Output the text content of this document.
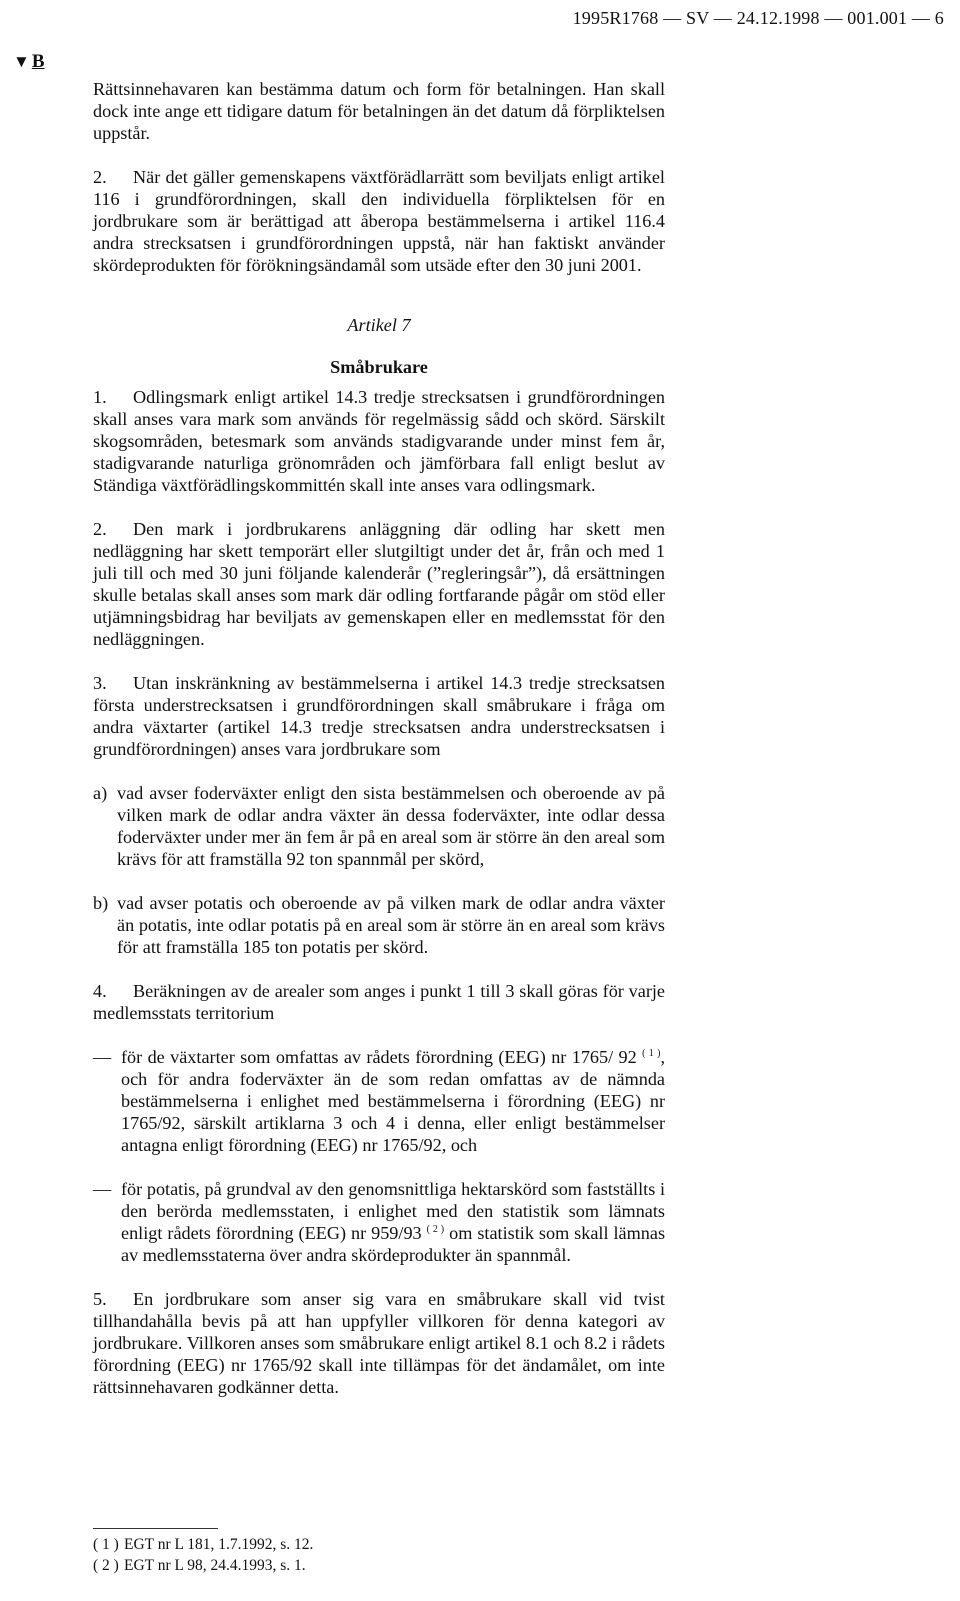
1995R1768 — SV — 24.12.1998 — 001.001 — 6
▼ B

Rättsinnehavaren kan bestämma datum och form för betalningen. Han skall dock inte ange ett tidigare datum för betalningen än det datum då förpliktelsen uppstår.

2. När det gäller gemenskapens växtförädlarrätt som beviljats enligt artikel 116 i grundförordningen, skall den individuella förpliktelsen för en jordbrukare som är berättigad att åberopa bestämmelserna i artikel 116.4 andra strecksatsen i grundförordningen uppstå, när han faktiskt använder skördeprodukten för förökningsändamål som utsäde efter den 30 juni 2001.

Artikel 7
Småbrukare

1. Odlingsmark enligt artikel 14.3 tredje strecksatsen i grundförordningen skall anses vara mark som används för regelmässig sådd och skörd. Särskilt skogsområden, betesmark som används stadigvarande under minst fem år, stadigvarande naturliga grönområden och jämförbara fall enligt beslut av Ständiga växtförädlingskommittén skall inte anses vara odlingsmark.

2. Den mark i jordbrukarens anläggning där odling har skett men nedläggning har skett temporärt eller slutgiltigt under det år, från och med 1 juli till och med 30 juni följande kalenderår (”regleringsår”), då ersättningen skulle betalas skall anses som mark där odling fortfarande pågår om stöd eller utjämningsbidrag har beviljats av gemenskapen eller en medlemsstat för den nedläggningen.

3. Utan inskränkning av bestämmelserna i artikel 14.3 tredje strecksatsen första understrecksatsen i grundförordningen skall småbrukare i fråga om andra växtarter (artikel 14.3 tredje strecksatsen andra understrecksatsen i grundförordningen) anses vara jordbrukare som

a) vad avser foderväxter enligt den sista bestämmelsen och oberoende av på vilken mark de odlar andra växter än dessa foderväxter, inte odlar dessa foderväxter under mer än fem år på en areal som är större än den areal som krävs för att framställa 92 ton spannmål per skörd,
b) vad avser potatis och oberoende av på vilken mark de odlar andra växter än potatis, inte odlar potatis på en areal som är större än en areal som krävs för att framställa 185 ton potatis per skörd.

4. Beräkningen av de arealer som anges i punkt 1 till 3 skall göras för varje medlemsstats territorium

— för de växtarter som omfattas av rådets förordning (EEG) nr 1765/ 92 $^{( 1 )}$, och för andra foderväxter än de som redan omfattas av de nämnda bestämmelserna i enlighet med bestämmelserna i förordning (EEG) nr 1765/92, särskilt artiklarna 3 och 4 i denna, eller enligt bestämmelser antagna enligt förordning (EEG) nr 1765/92, och
— för potatis, på grundval av den genomsnittliga hektarskörd som fastställts i den berörda medlemsstaten, i enlighet med den statistik som lämnats enligt rådets förordning (EEG) nr 959/93 $^{( 2 )}$ om statistik som skall lämnas av medlemsstaterna över andra skördeprodukter än spannmål.

5. En jordbrukare som anser sig vara en småbrukare skall vid tvist tillhandahålla bevis på att han uppfyller villkoren för denna kategori av jordbrukare. Villkoren anses som småbrukare enligt artikel 8.1 och 8.2 i rådets förordning (EEG) nr 1765/92 skall inte tillämpas för det ändamålet, om inte rättsinnehavaren godkänner detta.

( 1 ) EGT nr L 181, 1.7.1992, s. 12.
( 2 ) EGT nr L 98, 24.4.1993, s. 1.
